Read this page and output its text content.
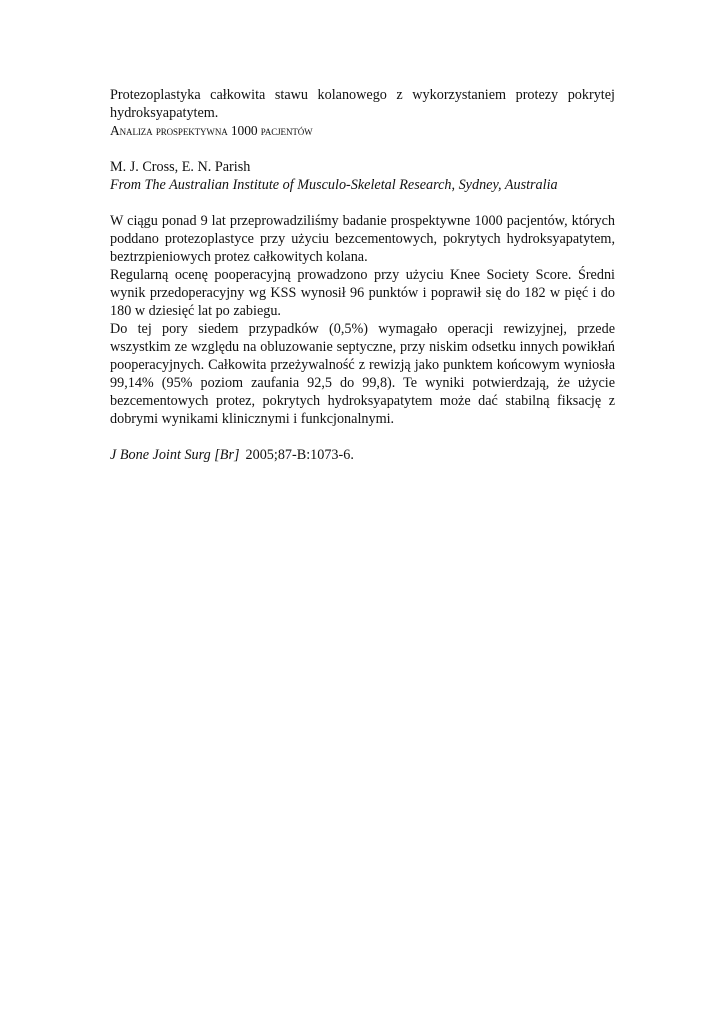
Protezoplastyka całkowita stawu kolanowego z wykorzystaniem protezy pokrytej hydroksyapatytem.

Analiza prospektywna 1000 pacjentów

M. J. Cross, E. N. Parish

From The Australian Institute of Musculo-Skeletal Research, Sydney, Australia

W ciągu ponad 9 lat przeprowadziliśmy badanie prospektywne 1000 pacjentów, których poddano protezoplastyce przy użyciu bezcementowych, pokrytych hydroksyapatytem, beztrzpieniowych protez całkowitych kolana.

Regularną ocenę pooperacyjną prowadzono przy użyciu Knee Society Score. Średni wynik przedoperacyjny wg KSS wynosił 96 punktów i poprawił się do 182 w pięć i do 180 w dziesięć lat po zabiegu.

Do tej pory siedem przypadków (0,5%) wymagało operacji rewizyjnej, przede wszystkim ze względu na obluzowanie septyczne, przy niskim odsetku innych powikłań pooperacyjnych. Całkowita przeżywalność z rewizją jako punktem końcowym wyniosła 99,14% (95% poziom zaufania 92,5 do 99,8). Te wyniki potwierdzają, że użycie bezcementowych protez, pokrytych hydroksyapatytem może dać stabilną fiksację z dobrymi wynikami klinicznymi i funkcjonalnymi.

J Bone Joint Surg [Br] 2005;87-B:1073-6.
